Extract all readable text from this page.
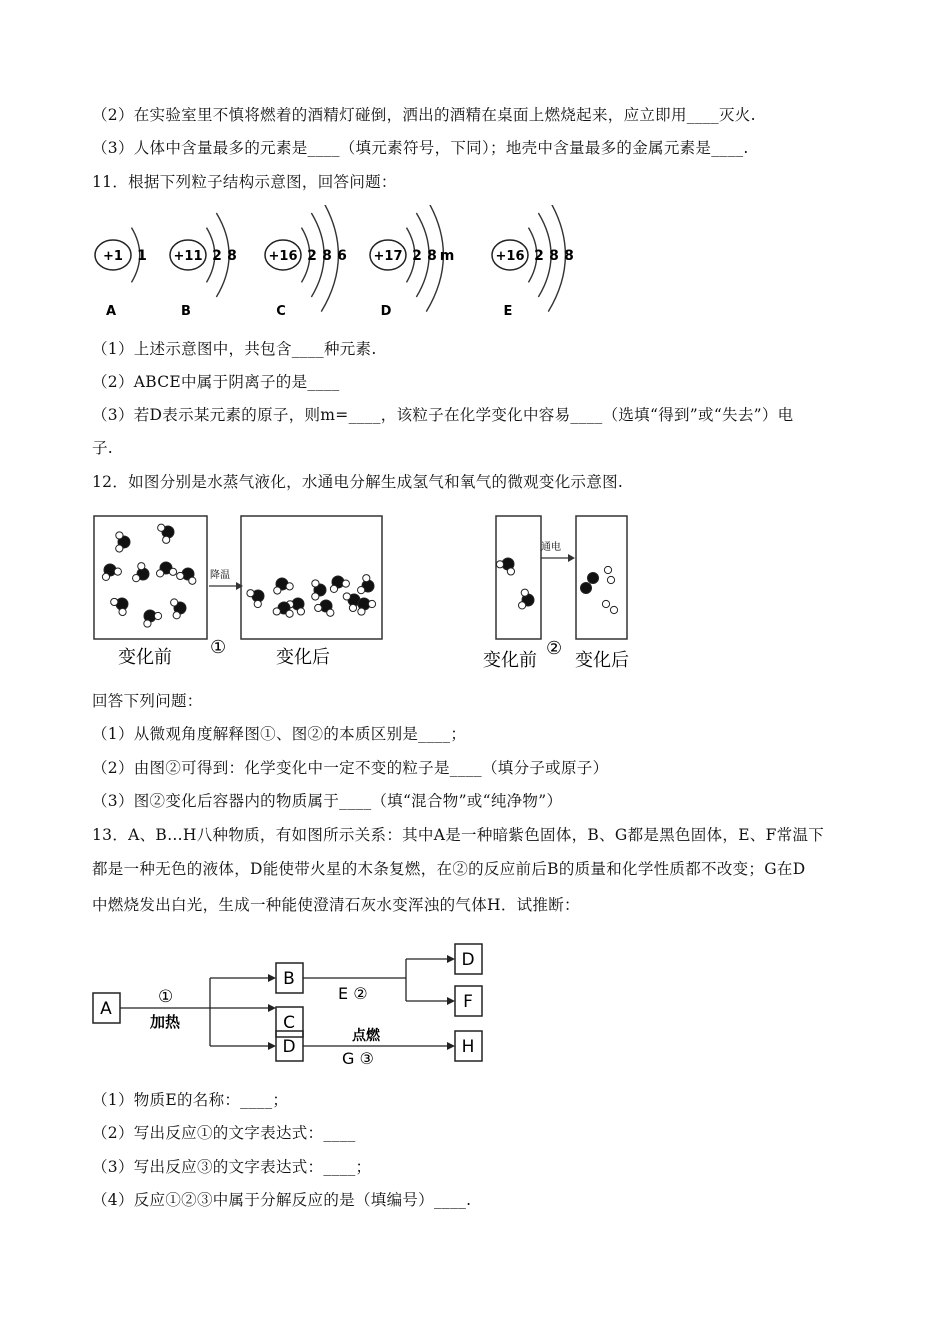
（2）在实验室里不慎将燃着的酒精灯碰倒，洒出的酒精在桌面上燃烧起来，应立即用____灭火.
（3）人体中含量最多的元素是____（填元素符号，下同）；地壳中含量最多的金属元素是____.
11．根据下列粒子结构示意图，回答问题：
+1 1
A
+11 2 8
B
+16 2 8 6
C
+17 2 8 m
D
+16 2 8 8
E
（1）上述示意图中，共包含____种元素.
（2）ABCE中属于阴离子的是____
（3）若D表示某元素的原子，则m=____，该粒子在化学变化中容易____（选填“得到”或“失去”）电
子.
12．如图分别是水蒸气液化，水通电分解生成氢气和氧气的微观变化示意图.
降温
通电
变化前 ①	变化后	变化前
②
变化后
回答下列问题：
（1）从微观角度解释图①、图②的本质区别是____；
（2）由图②可得到：化学变化中一定不变的粒子是____（填分子或原子）
（3）图②变化后容器内的物质属于____（填“混合物”或“纯净物”）
13．A、B…H八种物质，有如图所示关系：其中A是一种暗紫色固体，B、G都是黑色固体，E、F常温下
都是一种无色的液体，D能使带火星的木条复燃，在②的反应前后B的质量和化学性质都不改变；G在D
中燃烧发出白光，生成一种能使澄清石灰水变浑浊的气体H．试推断：
A
B
C
D
D
F
H
①
加热
E ②
点燃
G ③
（1）物质E的名称：____；
（2）写出反应①的文字表达式：____
（3）写出反应③的文字表达式：____；
（4）反应①②③中属于分解反应的是（填编号）____.
